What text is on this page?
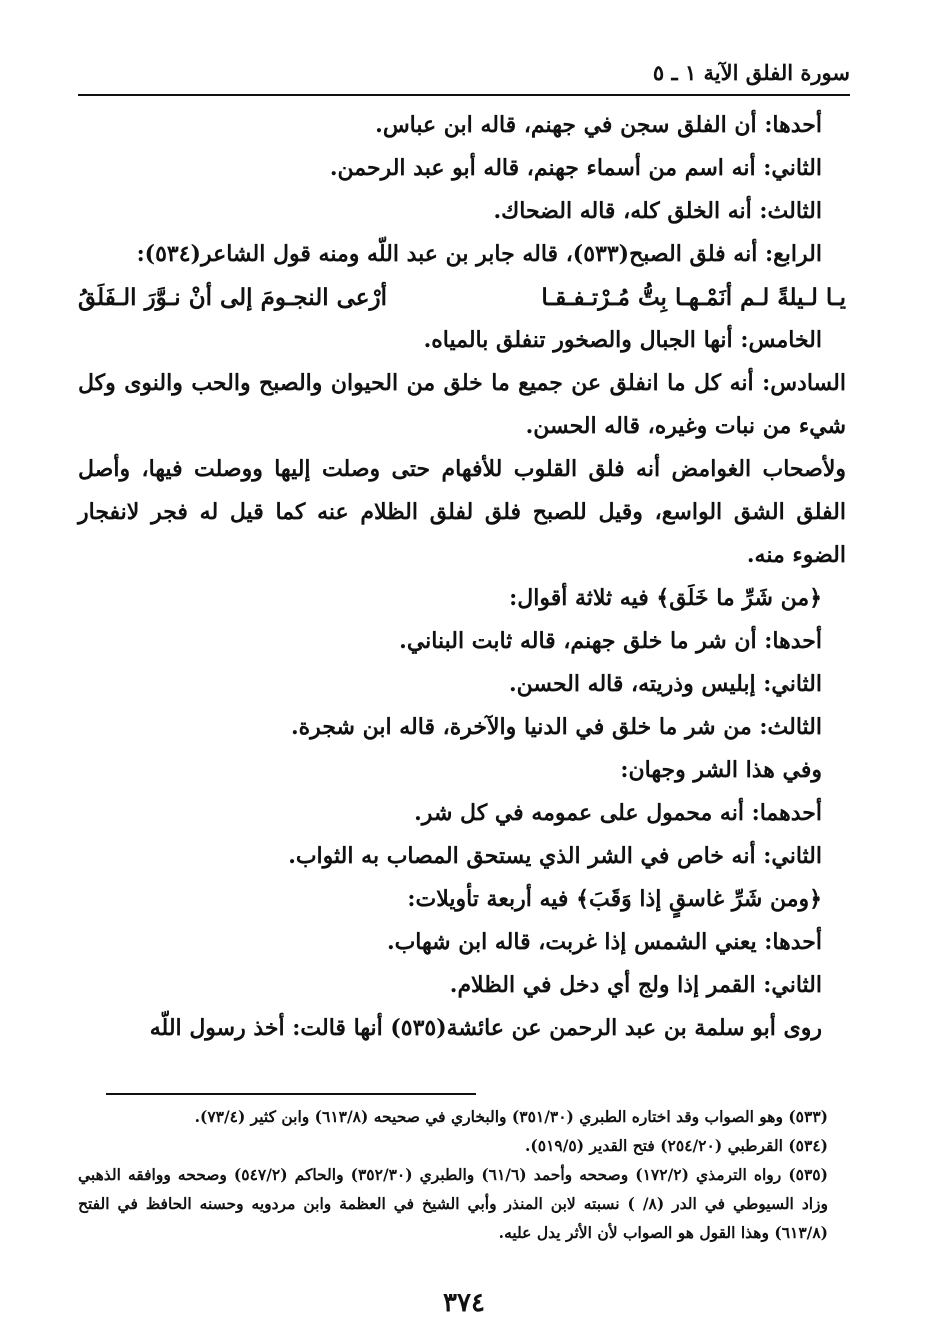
سورة الفلق الآية ١ ـ ٥

أحدها: أن الفلق سجن في جهنم، قاله ابن عباس.

الثاني: أنه اسم من أسماء جهنم، قاله أبو عبد الرحمن.

الثالث: أنه الخلق كله، قاله الضحاك.

الرابع: أنه فلق الصبح(٥٣٣)، قاله جابر بن عبد اللّه ومنه قول الشاعر(٥٣٤):

يـا لـيلةً لـم أنَمْـهـا بِتُّ مُـرْتـفـقـا
أرْعى النجـومَ إلى أنْ نـوَّرَ الـفَلَقُ

الخامس: أنها الجبال والصخور تنفلق بالمياه.

السادس: أنه كل ما انفلق عن جميع ما خلق من الحيوان والصبح والحب والنوى وكل شيء من نبات وغيره، قاله الحسن.

ولأصحاب الغوامض أنه فلق القلوب للأفهام حتى وصلت إليها ووصلت فيها، وأصل الفلق الشق الواسع، وقيل للصبح فلق لفلق الظلام عنه كما قيل له فجر لانفجار الضوء منه.

﴿من شَرِّ ما خَلَق﴾ فيه ثلاثة أقوال:

أحدها: أن شر ما خلق جهنم، قاله ثابت البناني.

الثاني: إبليس وذريته، قاله الحسن.

الثالث: من شر ما خلق في الدنيا والآخرة، قاله ابن شجرة.

وفي هذا الشر وجهان:

أحدهما: أنه محمول على عمومه في كل شر.

الثاني: أنه خاص في الشر الذي يستحق المصاب به الثواب.

﴿ومن شَرِّ غاسقٍ إذا وَقَبَ﴾ فيه أربعة تأويلات:

أحدها: يعني الشمس إذا غربت، قاله ابن شهاب.

الثاني: القمر إذا ولج أي دخل في الظلام.

روى أبو سلمة بن عبد الرحمن عن عائشة(٥٣٥) أنها قالت: أخذ رسول اللّه

(٥٣٣) وهو الصواب وقد اختاره الطبري (٣٥١/٣٠) والبخاري في صحيحه (٦١٣/٨) وابن كثير (٧٣/٤).

(٥٣٤) القرطبي (٢٥٤/٢٠) فتح القدير (٥١٩/٥).

(٥٣٥) رواه الترمذي (١٧٢/٢) وصححه وأحمد (٦١/٦) والطبري (٣٥٢/٣٠) والحاكم (٥٤٧/٢) وصححه ووافقه الذهبي وزاد السيوطي في الدر (٨/ ) نسبته لابن المنذر وأبي الشيخ في العظمة وابن مردويه وحسنه الحافظ في الفتح (٦١٣/٨) وهذا القول هو الصواب لأن الأثر يدل عليه.

٣٧٤
